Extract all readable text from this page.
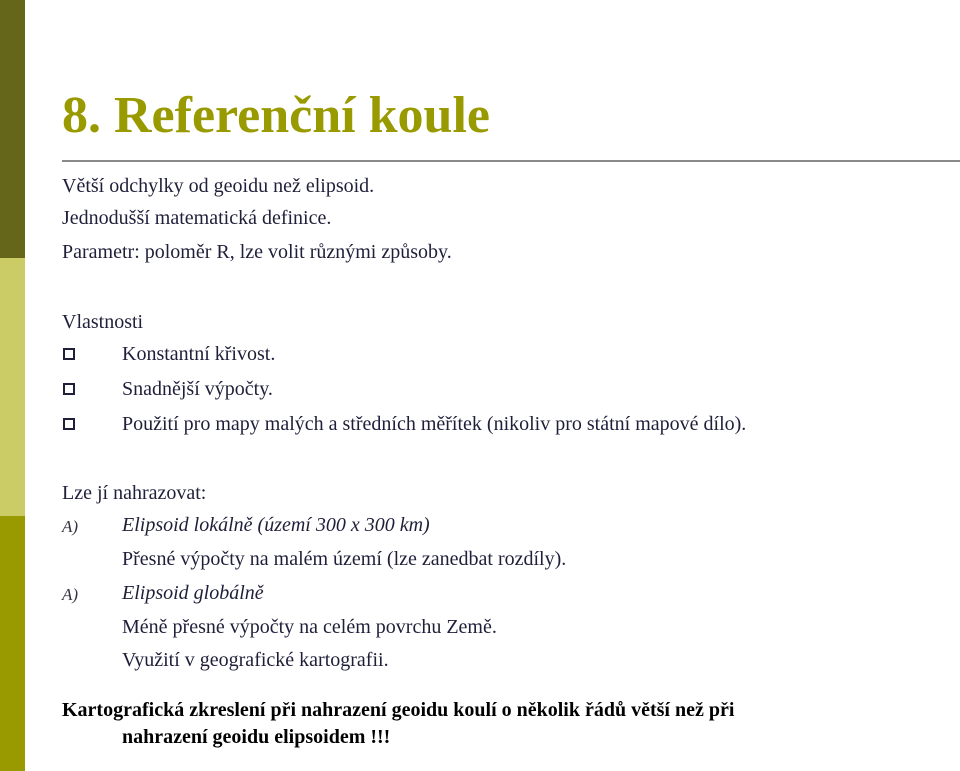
8. Referenční koule
Větší odchylky od geoidu než elipsoid.
Jednodušší matematická definice.
Parametr: poloměr R, lze volit různými způsoby.
Vlastnosti
Konstantní křivost.
Snadnější výpočty.
Použití pro mapy malých a středních měřítek (nikoliv pro státní mapové dílo).
Lze jí nahrazovat:
A) Elipsoid lokálně (území 300 x 300 km)
Přesné výpočty na malém území (lze zanedbat rozdíly).
A) Elipsoid globálně
Méně přesné výpočty na celém povrchu Země.
Využití v geografické kartografii.
Kartografická zkreslení při nahrazení geoidu koulí o několik řádů větší než při
nahrazení geoidu elipsoidem !!!
